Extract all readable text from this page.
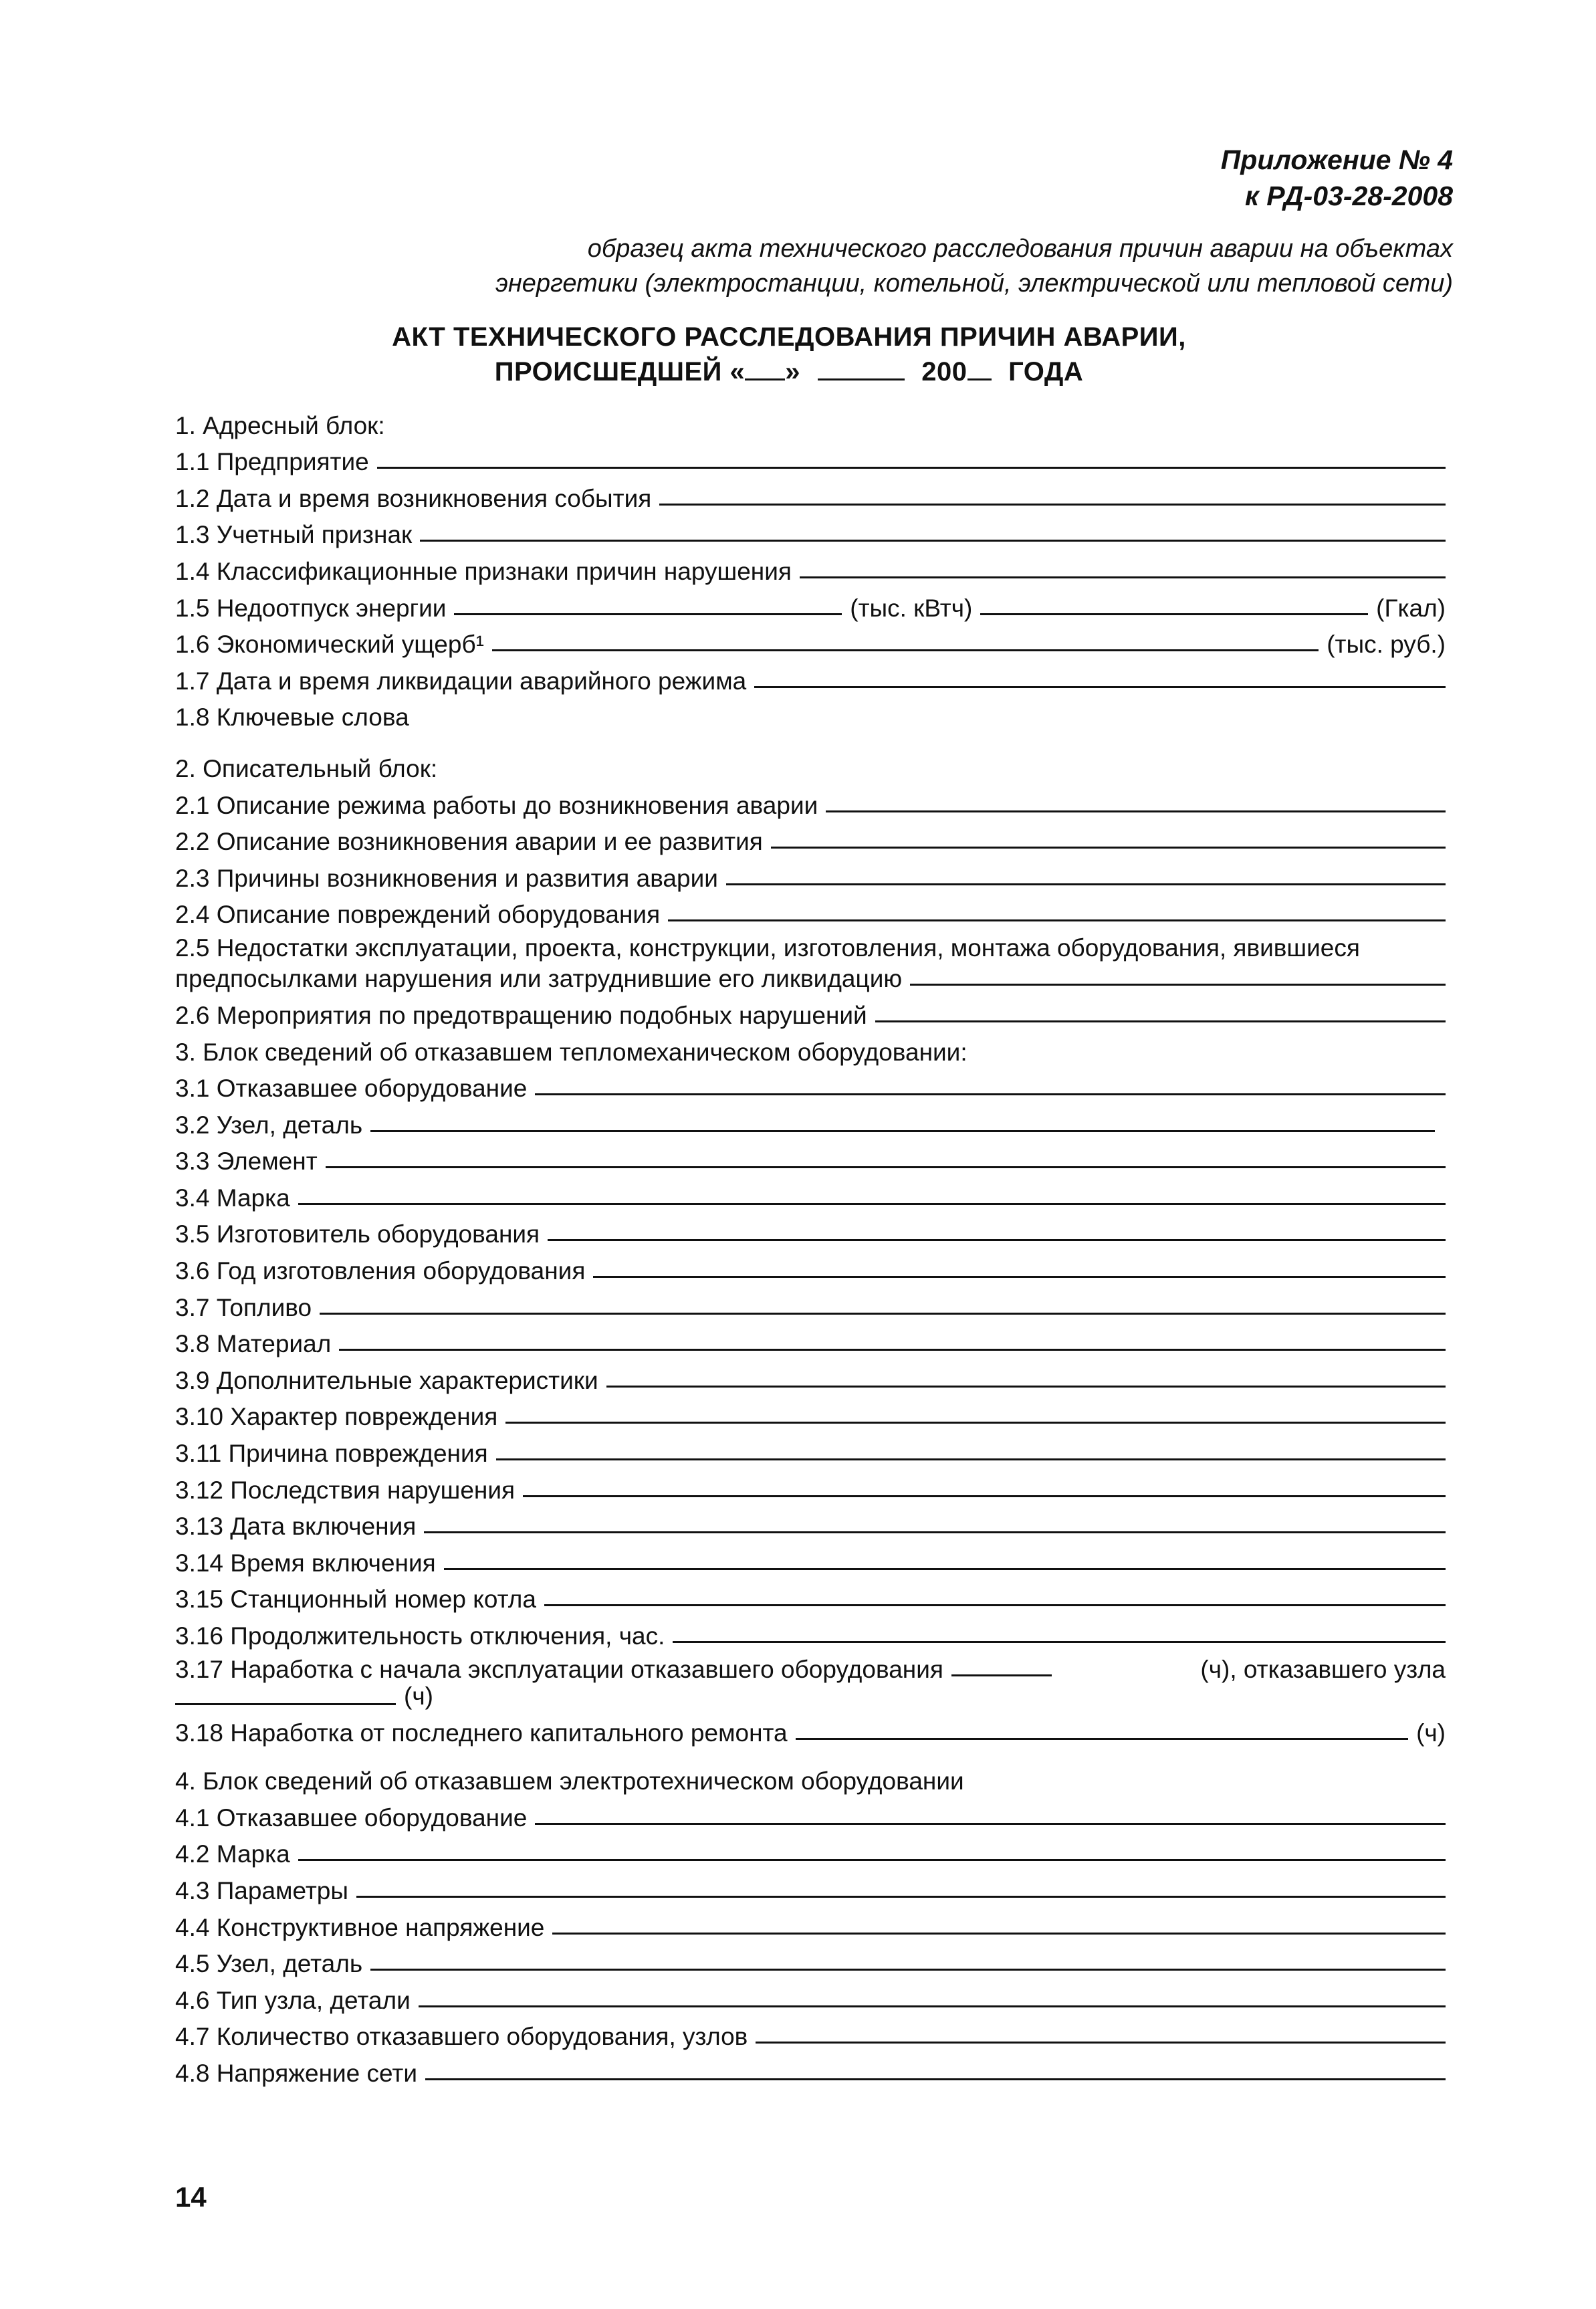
Приложение № 4
к РД-03-28-2008
образец акта технического расследования причин аварии на объектах
энергетики (электростанции, котельной, электрической или тепловой сети)
АКТ ТЕХНИЧЕСКОГО РАССЛЕДОВАНИЯ ПРИЧИН АВАРИИ,
ПРОИСШЕДШЕЙ « »	200 ГОДА
1. Адресный блок:
1.1 Предприятие
1.2 Дата и время возникновения события
1.3 Учетный признак
1.4 Классификационные признаки причин нарушения
1.5 Недоотпуск энергии	(тыс. кВтч)	(Гкал)
1.6 Экономический ущерб¹	(тыс. руб.)
1.7 Дата и время ликвидации аварийного режима
1.8 Ключевые слова
2. Описательный блок:
2.1 Описание режима работы до возникновения аварии
2.2 Описание возникновения аварии и ее развития
2.3 Причины возникновения и развития аварии
2.4 Описание повреждений оборудования
2.5 Недостатки эксплуатации, проекта, конструкции, изготовления, монтажа оборудования, явившиеся
предпосылками нарушения или затруднившие его ликвидацию
2.6 Мероприятия по предотвращению подобных нарушений
3. Блок сведений об отказавшем тепломеханическом оборудовании:
3.1 Отказавшее оборудование
3.2 Узел, деталь
3.3 Элемент
3.4 Марка
3.5 Изготовитель оборудования
3.6 Год изготовления оборудования
3.7 Топливо
3.8 Материал
3.9 Дополнительные характеристики
3.10 Характер повреждения
3.11 Причина повреждения
3.12 Последствия нарушения
3.13 Дата включения
3.14 Время включения
3.15 Станционный номер котла
3.16 Продолжительность отключения, час.
3.17 Наработка с начала эксплуатации отказавшего оборудования	(ч), отказавшего узла
(ч)
3.18 Наработка от последнего капитального ремонта	(ч)
4. Блок сведений об отказавшем электротехническом оборудовании
4.1 Отказавшее оборудование
4.2 Марка
4.3 Параметры
4.4 Конструктивное напряжение
4.5 Узел, деталь
4.6 Тип узла, детали
4.7 Количество отказавшего оборудования, узлов
4.8 Напряжение сети
14
